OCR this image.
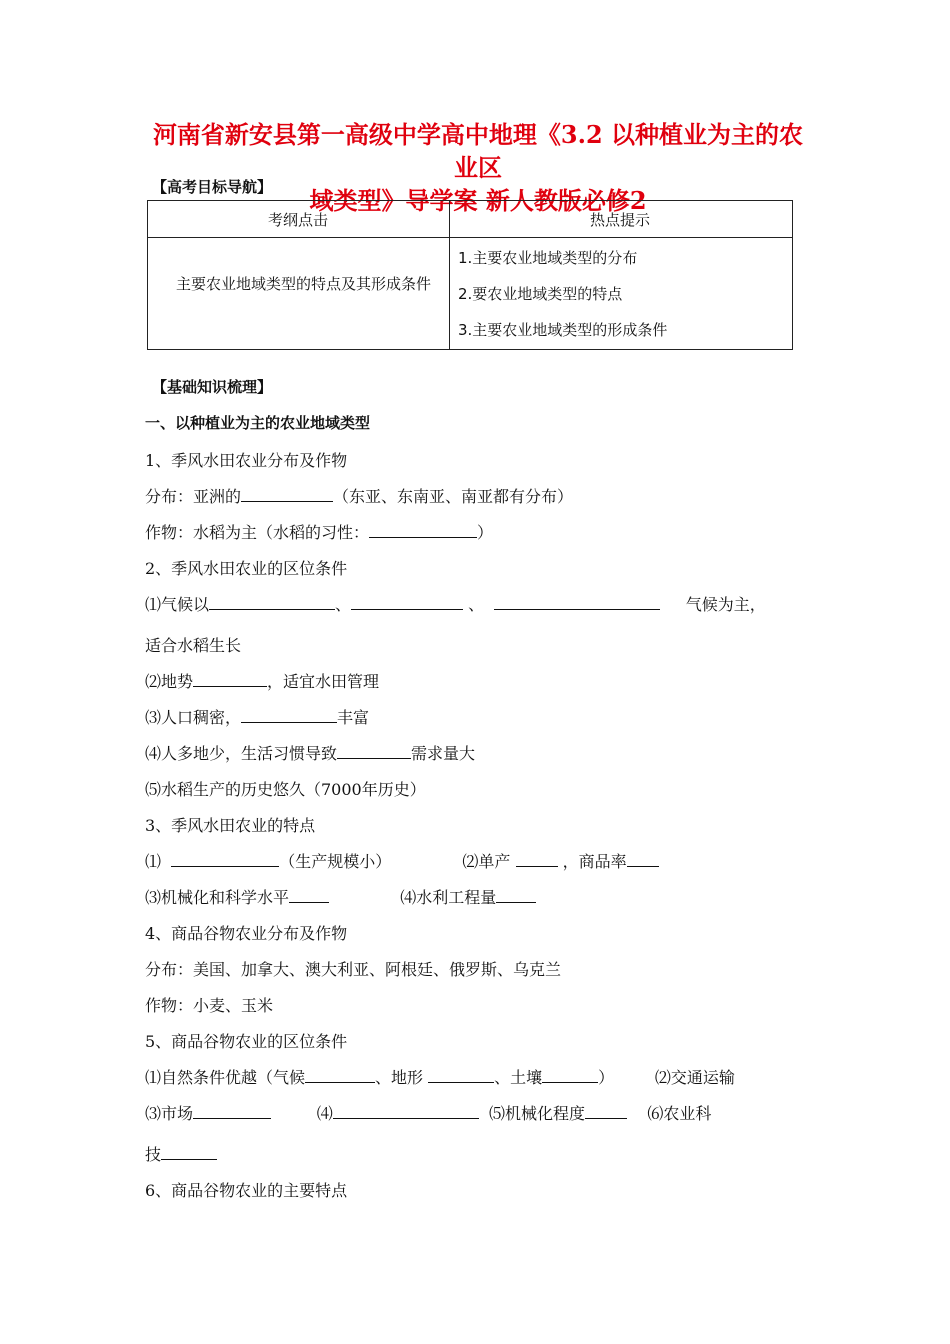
河南省新安县第一高级中学高中地理《3.2 以种植业为主的农业区
域类型》导学案 新人教版必修2
【高考目标导航】
考纲点击	热点提示
主要农业地域类型的特点及其形成条件
1.主要农业地域类型的分布
2.要农业地域类型的特点
3.主要农业地域类型的形成条件
【基础知识梳理】
一、以种植业为主的农业地域类型
1、季风水田农业分布及作物
分布：亚洲的	（东亚、东南亚、南亚都有分布）
作物：水稻为主（水稻的习性：	）
2、季风水田农业的区位条件
⑴气候以	、	、	气候为主，
适合水稻生长
⑵地势	，适宜水田管理
⑶人口稠密，	丰富
⑷人多地少，生活习惯导致	需求量大
⑸水稻生产的历史悠久（7000年历史）
3、季风水田农业的特点
⑴	（生产规模小）	⑵单产	，商品率
⑶机械化和科学水平	⑷水利工程量
4、商品谷物农业分布及作物
分布：美国、加拿大、澳大利亚、阿根廷、俄罗斯、乌克兰
作物：小麦、玉米
5、商品谷物农业的区位条件
⑴自然条件优越（气候	、地形	、土壤	）	⑵交通运输
⑶市场	⑷	⑸机械化程度	⑹农业科
技
6、商品谷物农业的主要特点
